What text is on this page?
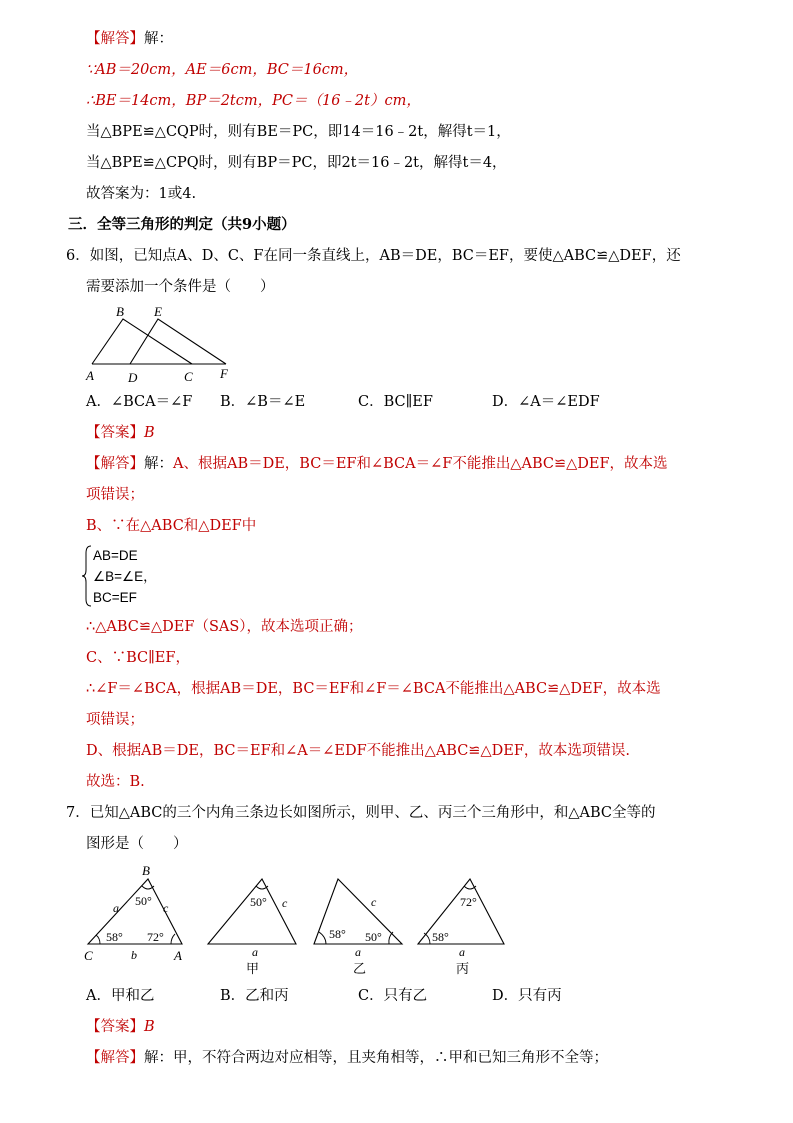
【解答】解：
∵AB＝20cm，AE＝6cm，BC＝16cm，
∴BE＝14cm，BP＝2tcm，PC＝（16﹣2t）cm，
当△BPE≌△CQP时，则有BE＝PC，即14＝16﹣2t，解得t＝1，
当△BPE≌△CPQ时，则有BP＝PC，即2t＝16﹣2t，解得t＝4，
故答案为：1或4.
三．全等三角形的判定（共9小题）
6．如图，已知点A、D、C、F在同一条直线上，AB＝DE，BC＝EF，要使△ABC≌△DEF，还
需要添加一个条件是（　　）
B E
A	D	C F
A．∠BCA＝∠F B．∠B＝∠E	C．BC∥EF	D．∠A＝∠EDF
【答案】B
【解答】解：A、根据AB＝DE，BC＝EF和∠BCA＝∠F不能推出△ABC≌△DEF，故本选
项错误；
B、∵在△ABC和△DEF中
AB=DE
∠B=∠E，
BC=EF
∴△ABC≌△DEF（SAS），故本选项正确；
C、∵BC∥EF，
∴∠F＝∠BCA，根据AB＝DE，BC＝EF和∠F＝∠BCA不能推出△ABC≌△DEF，故本选
项错误；
D、根据AB＝DE，BC＝EF和∠A＝∠EDF不能推出△ABC≌△DEF，故本选项错误.
故选：B.
7．已知△ABC的三个内角三条边长如图所示，则甲、乙、丙三个三角形中，和△ABC全等的
图形是（　　）
B
C	A
a	c
b
50°
58° 72°
50° c
a
甲
58° 50°
c
a
乙
72°
58°
a
丙
A．甲和乙	B．乙和丙	C．只有乙	D．只有丙
【答案】B
【解答】解：甲，不符合两边对应相等，且夹角相等，∴甲和已知三角形不全等；
